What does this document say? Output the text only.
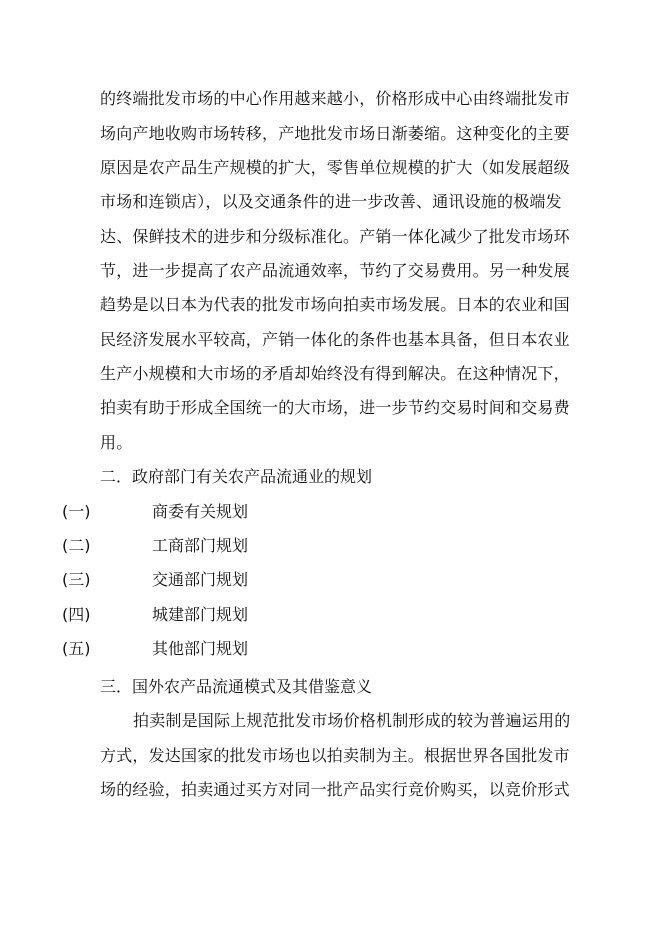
的终端批发市场的中心作用越来越小，价格形成中心由终端批发市
场向产地收购市场转移，产地批发市场日渐萎缩。这种变化的主要
原因是农产品生产规模的扩大，零售单位规模的扩大（如发展超级
市场和连锁店），以及交通条件的进一步改善、通讯设施的极端发
达、保鲜技术的进步和分级标准化。产销一体化减少了批发市场环
节，进一步提高了农产品流通效率，节约了交易费用。另一种发展
趋势是以日本为代表的批发市场向拍卖市场发展。日本的农业和国
民经济发展水平较高，产销一体化的条件也基本具备，但日本农业
生产小规模和大市场的矛盾却始终没有得到解决。在这种情况下，
拍卖有助于形成全国统一的大市场，进一步节约交易时间和交易费
用。
二．政府部门有关农产品流通业的规划
(一)	商委有关规划
(二)	工商部门规划
(三)	交通部门规划
(四)	城建部门规划
(五)	其他部门规划
三．国外农产品流通模式及其借鉴意义
拍卖制是国际上规范批发市场价格机制形成的较为普遍运用的
方式，发达国家的批发市场也以拍卖制为主。根据世界各国批发市
场的经验，拍卖通过买方对同一批产品实行竞价购买，以竞价形式
